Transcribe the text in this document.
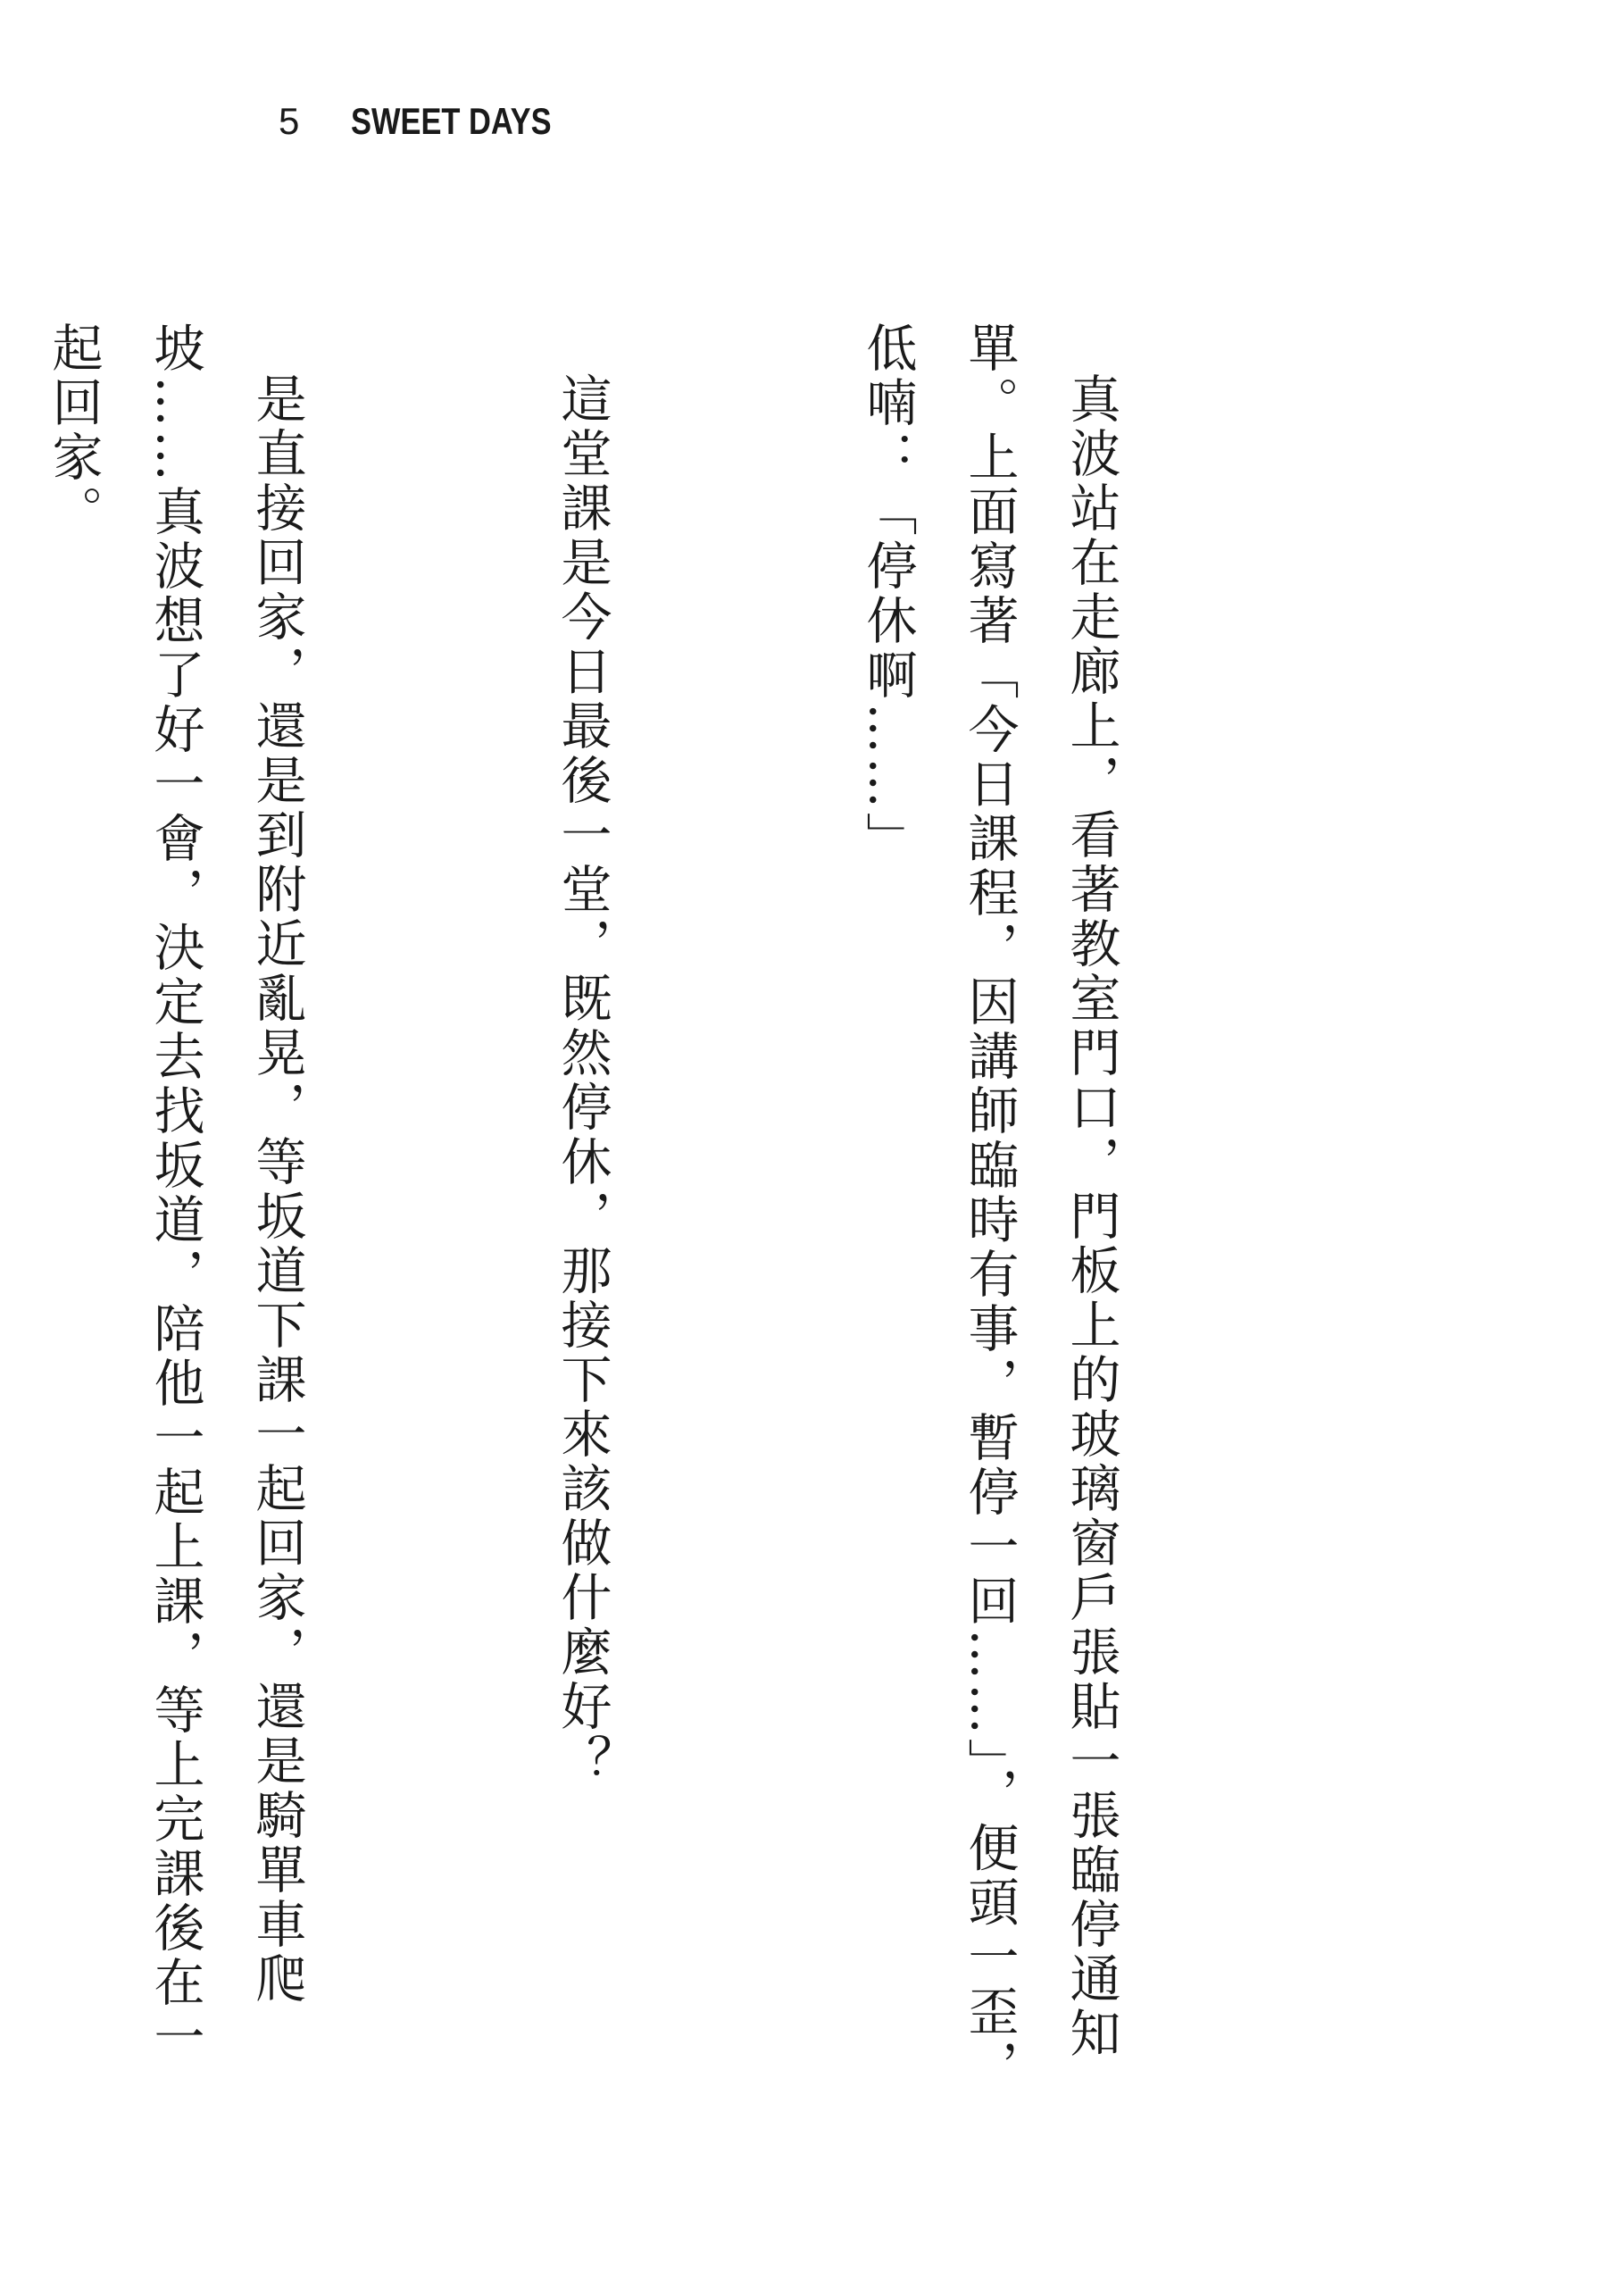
5 SWEET DAYS

真波站在走廊上，看著教室門口，門板上的玻璃窗戶張貼一張臨停通知單。上面寫著「今日課程，因講師臨時有事，暫停一回……」，便頭一歪，低喃：「停休啊……」

這堂課是今日最後一堂，既然停休，那接下來該做什麼好？

是直接回家，還是到附近亂晃，等坂道下課一起回家，還是騎單車爬坡……真波想了好一會，決定去找坂道，陪他一起上課，等上完課後在一起回家。
